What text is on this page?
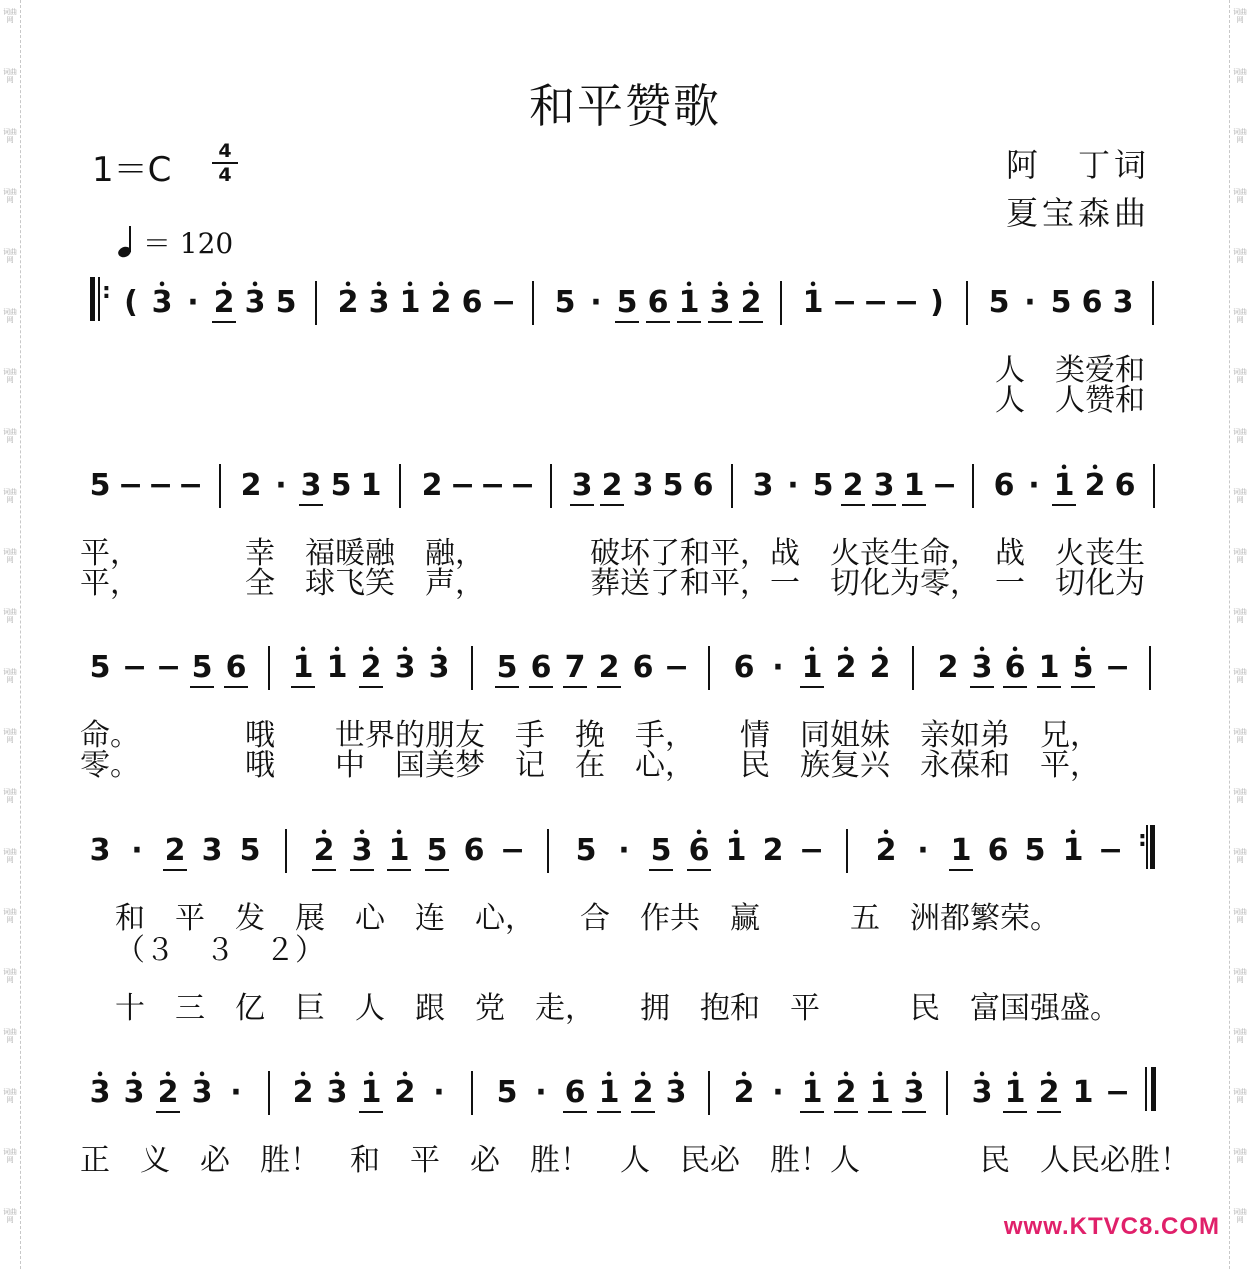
词曲网
词曲网
词曲网
词曲网
词曲网
词曲网
词曲网
词曲网
词曲网
词曲网
词曲网
词曲网
词曲网
词曲网
词曲网
词曲网
词曲网
词曲网
词曲网
词曲网
词曲网
词曲网
词曲网
词曲网
词曲网
词曲网
词曲网
词曲网
词曲网
词曲网
词曲网
词曲网
词曲网
词曲网
词曲网
词曲网
词曲网
词曲网
词曲网
词曲网
词曲网
词曲网
和平赞歌
1＝C	4
4	阿　丁词
夏宝森曲
＝ 120
: ( • 3 · • 2 • 3 5 • 2 • 3 • 1 • 2 6 − 5 · 5 6 • 1 • 3 • 2 • 1 − − − ) 5 · 5 6 3
人　类爱和
人　人赞和
5 − − − 2 · 3 5 1 2 − − − 3 2 3 5 6 3 · 5 2 3 1 − 6 · • 1 • 2 6
平，　　　　幸　福暖融　融，　　　　破坏了和平，战　火丧生命，　战　火丧生
平，　　　　全　球飞笑　声，　　　　葬送了和平，一　切化为零，　一　切化为
5 − − 5 6 • 1 • 1 • 2 • 3 • 3 5 6 7 2 6 − 6 · • 1 • 2 • 2 2 • 3 • 6 1 • 5 −
命。　　　　哦　　世界的朋友　手　挽　手，　　情　同姐妹　亲如弟　兄，
零。　　　　哦　　中　国美梦　记　在　心，　　民　族复兴　永葆和　平，
3 · 2 3 5 • 2 • 3 • 1 5 6 − 5 · 5 • 6 • 1 2 − • 2 · 1 6 5 • 1 − :
和　平　发　展　心　连　心，　　合　作共　赢　　　五　洲都繁荣。
（３　３　２）
十　三　亿　巨　人　跟　党　走，　　拥　抱和　平　　　民　富国强盛。
• 3 • 3 • 2 • 3 · • 2 • 3 • 1 • 2 · 5 · 6 • 1 • 2 • 3 • 2 · • 1 • 2 • 1 • 3 • 3 • 1 • 2 1 −
正　义　必　胜！　和　平　必　胜！　人　民必　胜！人　　　　民　人民必胜！
www.KTVC8.COM
